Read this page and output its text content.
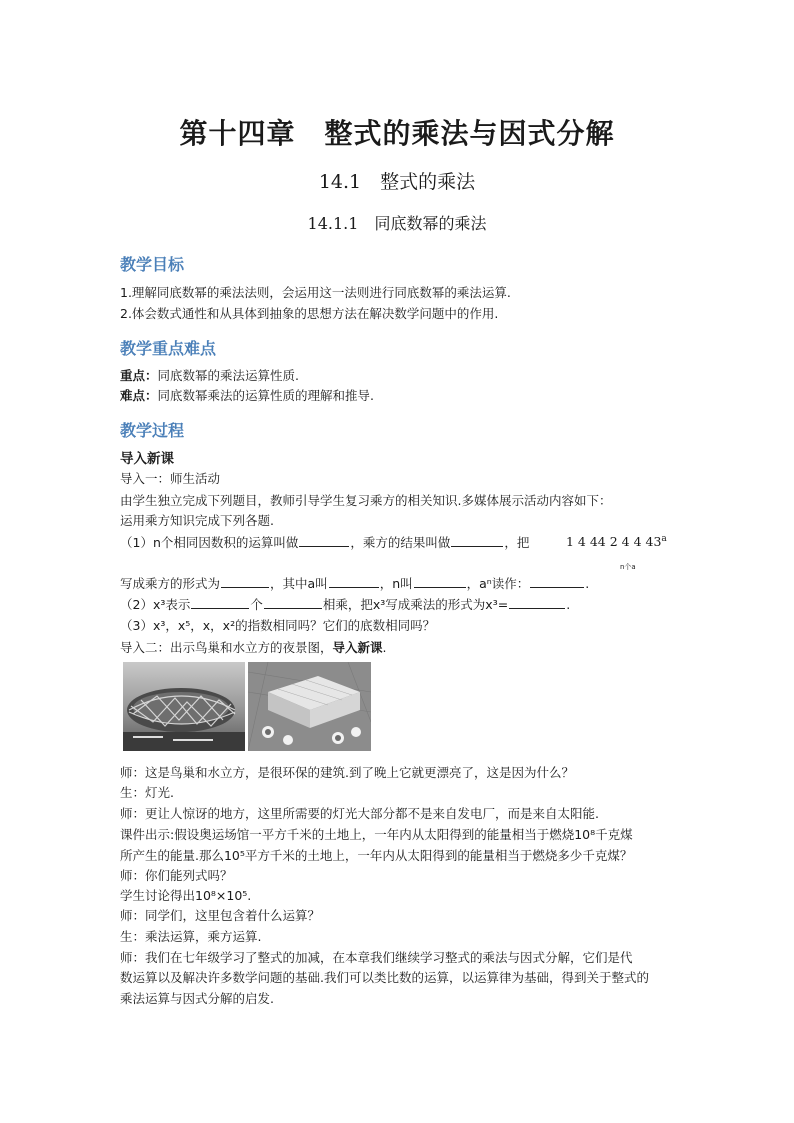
第十四章　整式的乘法与因式分解
14.1　整式的乘法
14.1.1　同底数幂的乘法
教学目标
1.理解同底数幂的乘法法则，会运用这一法则进行同底数幂的乘法运算.
2.体会数式通性和从具体到抽象的思想方法在解决数学问题中的作用.
教学重点难点
重点：同底数幂的乘法运算性质.
难点：同底数幂乘法的运算性质的理解和推导.
教学过程
导入新课
导入一：师生活动
由学生独立完成下列题目，教师引导学生复习乘方的相关知识.多媒体展示活动内容如下：
运用乘方知识完成下列各题.
（1）n个相同因数积的运算叫做	，乘方的结果叫做	，把	1 4 44 2 4 4 43$^a$
n个a
写成乘方的形式为	，其中a叫	，n叫	，aⁿ读作：	.
（2）x³表示	个	相乘，把x³写成乘法的形式为x³=	.
（3）x³，x⁵，x，x²的指数相同吗？它们的底数相同吗？
导入二：出示鸟巢和水立方的夜景图，导入新课.
师：这是鸟巢和水立方，是很环保的建筑.到了晚上它就更漂亮了，这是因为什么？
生：灯光.
师：更让人惊讶的地方，这里所需要的灯光大部分都不是来自发电厂，而是来自太阳能.
课件出示:假设奥运场馆一平方千米的土地上，一年内从太阳得到的能量相当于燃烧10⁸千克煤
所产生的能量.那么10⁵平方千米的土地上，一年内从太阳得到的能量相当于燃烧多少千克煤？
师：你们能列式吗？
学生讨论得出10⁸×10⁵.
师：同学们，这里包含着什么运算？
生：乘法运算，乘方运算.
师：我们在七年级学习了整式的加减，在本章我们继续学习整式的乘法与因式分解，它们是代
数运算以及解决许多数学问题的基础.我们可以类比数的运算，以运算律为基础，得到关于整式的
乘法运算与因式分解的启发.
